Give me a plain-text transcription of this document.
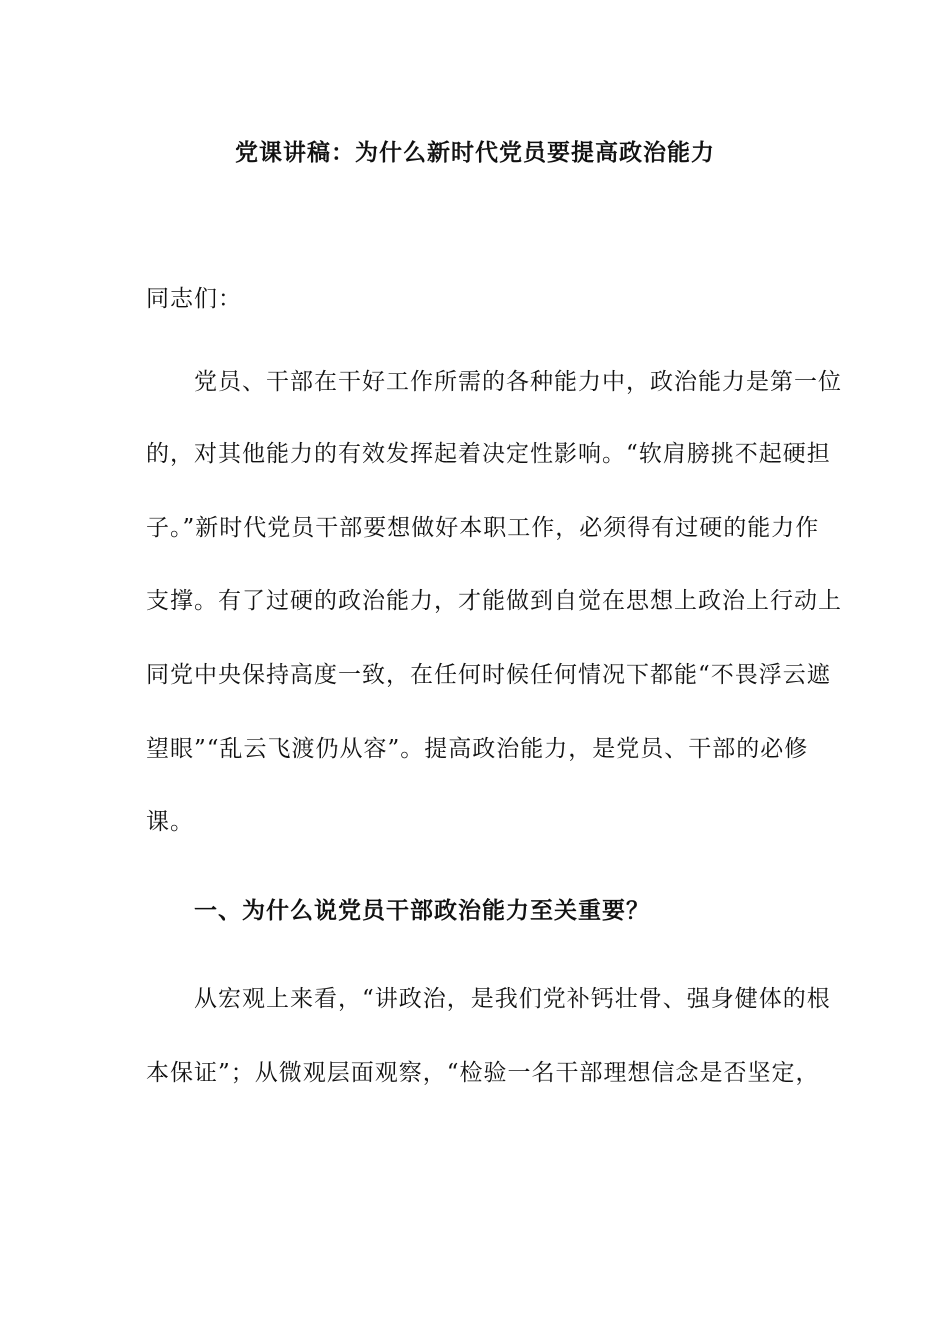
党课讲稿：为什么新时代党员要提高政治能力

同志们：

　　党员、干部在干好工作所需的各种能力中，政治能力是第一位

的，对其他能力的有效发挥起着决定性影响。“软肩膀挑不起硬担

子。”新时代党员干部要想做好本职工作，必须得有过硬的能力作

支撑。有了过硬的政治能力，才能做到自觉在思想上政治上行动上

同党中央保持高度一致，在任何时候任何情况下都能“不畏浮云遮

望眼”“乱云飞渡仍从容”。提高政治能力，是党员、干部的必修

课。

　　一、为什么说党员干部政治能力至关重要？

　　从宏观上来看，“讲政治，是我们党补钙壮骨、强身健体的根

本保证”；从微观层面观察，“检验一名干部理想信念是否坚定，
